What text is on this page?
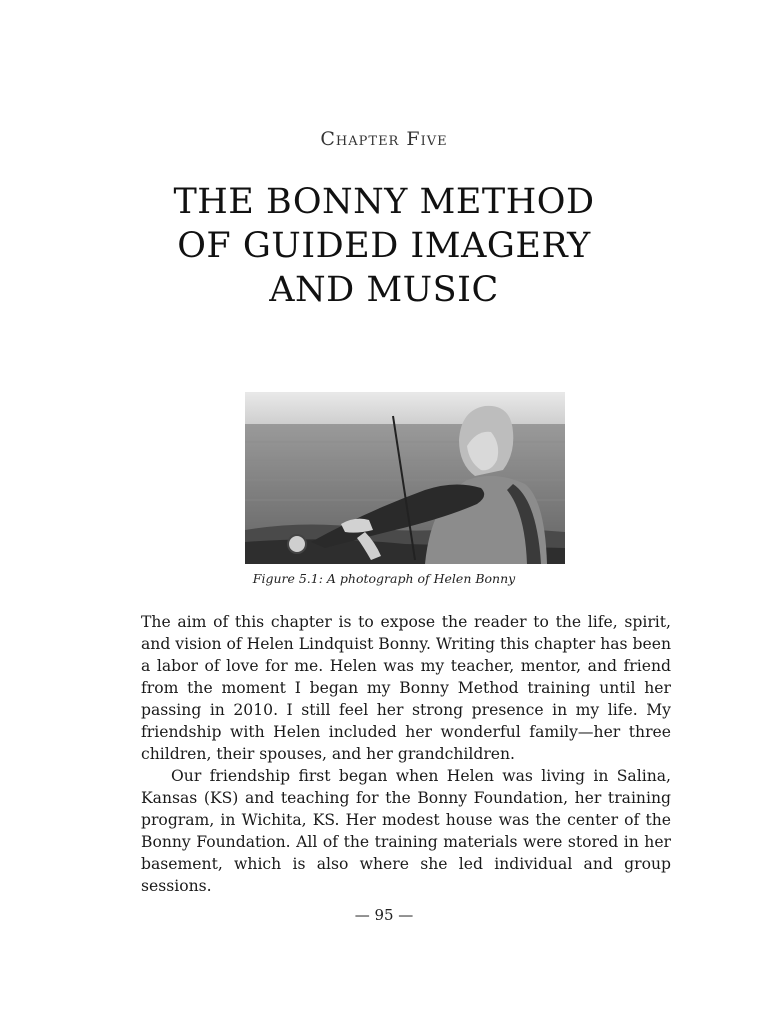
Chapter Five
THE BONNY METHOD
OF GUIDED IMAGERY
AND MUSIC
Figure 5.1: A photograph of Helen Bonny

The aim of this chapter is to expose the reader to the life, spirit, and vision of Helen Lindquist Bonny. Writing this chapter has been a labor of love for me. Helen was my teacher, mentor, and friend from the moment I began my Bonny Method training until her passing in 2010. I still feel her strong presence in my life. My friendship with Helen included her wonderful family—her three children, their spouses, and her grandchildren.

Our friendship first began when Helen was living in Salina, Kansas (KS) and teaching for the Bonny Foundation, her training program, in Wichita, KS. Her modest house was the center of the Bonny Foundation. All of the training materials were stored in her basement, which is also where she led individual and group sessions.

— 95 —
